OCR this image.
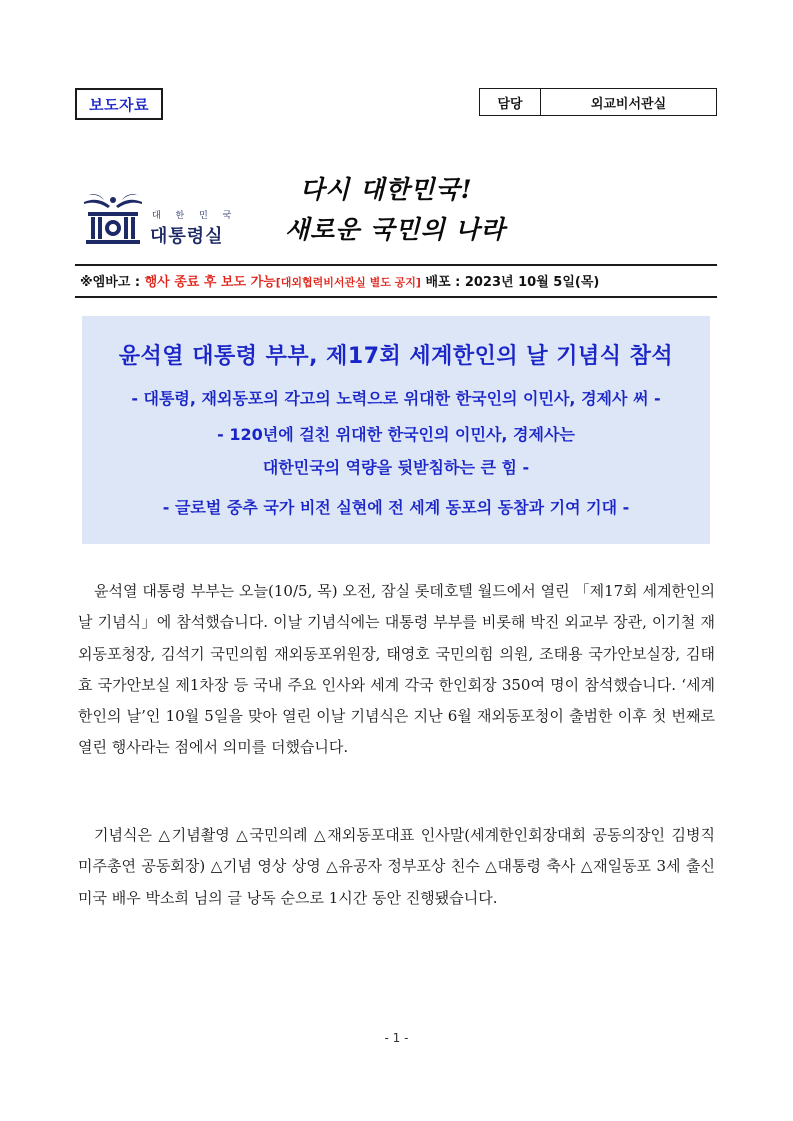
보도자료	담당	외교비서관실
대 한 민 국
대통령실
다시 대한민국!
새로운 국민의 나라
※엠바고 : 행사 종료 후 보도 가능[대외협력비서관실 별도 공지] 배포 : 2023년 10월 5일(목)
윤석열 대통령 부부, 제17회 세계한인의 날 기념식 참석
- 대통령, 재외동포의 각고의 노력으로 위대한 한국인의 이민사, 경제사 써 -
- 120년에 걸친 위대한 한국인의 이민사, 경제사는
대한민국의 역량을 뒷받침하는 큰 힘 -
- 글로벌 중추 국가 비전 실현에 전 세계 동포의 동참과 기여 기대 -

윤석열 대통령 부부는 오늘(10/5, 목) 오전, 잠실 롯데호텔 월드에서 열린 「제17회 세계한인의 날 기념식」에 참석했습니다. 이날 기념식에는 대통령 부부를 비롯해 박진 외교부 장관, 이기철 재외동포청장, 김석기 국민의힘 재외동포위원장, 태영호 국민의힘 의원, 조태용 국가안보실장, 김태효 국가안보실 제1차장 등 국내 주요 인사와 세계 각국 한인회장 350여 명이 참석했습니다. ‘세계 한인의 날’인 10월 5일을 맞아 열린 이날 기념식은 지난 6월 재외동포청이 출범한 이후 첫 번째로 열린 행사라는 점에서 의미를 더했습니다.

기념식은 △기념촬영 △국민의례 △재외동포대표 인사말(세계한인회장대회 공동의장인 김병직 미주총연 공동회장) △기념 영상 상영 △유공자 정부포상 친수 △대통령 축사 △재일동포 3세 출신 미국 배우 박소희 님의 글 낭독 순으로 1시간 동안 진행됐습니다.

- 1 -
